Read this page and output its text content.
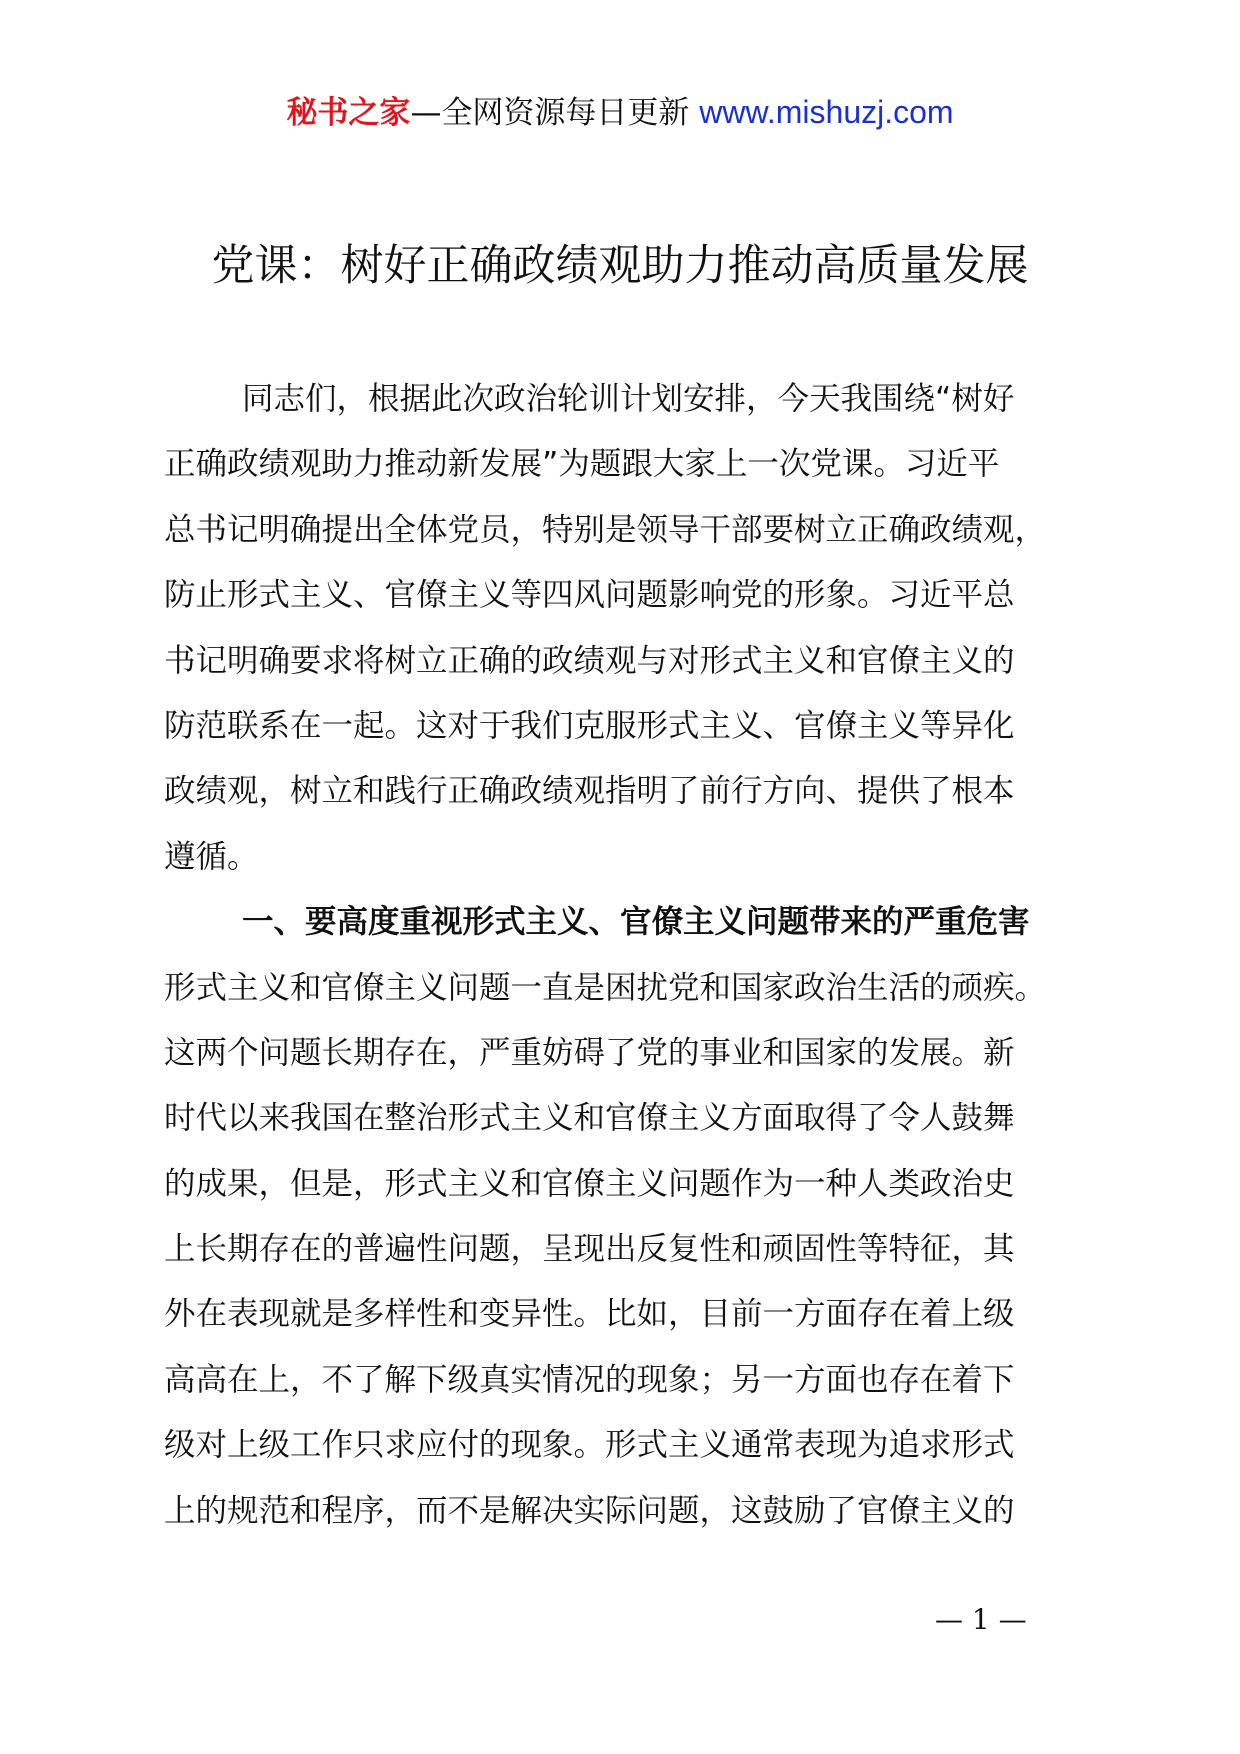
秘书之家—全网资源每日更新 www.mishuzj.com
党课：树好正确政绩观助力推动高质量发展
同志们，根据此次政治轮训计划安排，今天我围绕“树好
正确政绩观助力推动新发展”为题跟大家上一次党课。习近平
总书记明确提出全体党员，特别是领导干部要树立正确政绩观，
防止形式主义、官僚主义等四风问题影响党的形象。习近平总
书记明确要求将树立正确的政绩观与对形式主义和官僚主义的
防范联系在一起。这对于我们克服形式主义、官僚主义等异化
政绩观，树立和践行正确政绩观指明了前行方向、提供了根本
遵循。
一、要高度重视形式主义、官僚主义问题带来的严重危害
形式主义和官僚主义问题一直是困扰党和国家政治生活的顽疾。
这两个问题长期存在，严重妨碍了党的事业和国家的发展。新
时代以来我国在整治形式主义和官僚主义方面取得了令人鼓舞
的成果，但是，形式主义和官僚主义问题作为一种人类政治史
上长期存在的普遍性问题，呈现出反复性和顽固性等特征，其
外在表现就是多样性和变异性。比如，目前一方面存在着上级
高高在上，不了解下级真实情况的现象；另一方面也存在着下
级对上级工作只求应付的现象。形式主义通常表现为追求形式
上的规范和程序，而不是解决实际问题，这鼓励了官僚主义的
— 1 —
